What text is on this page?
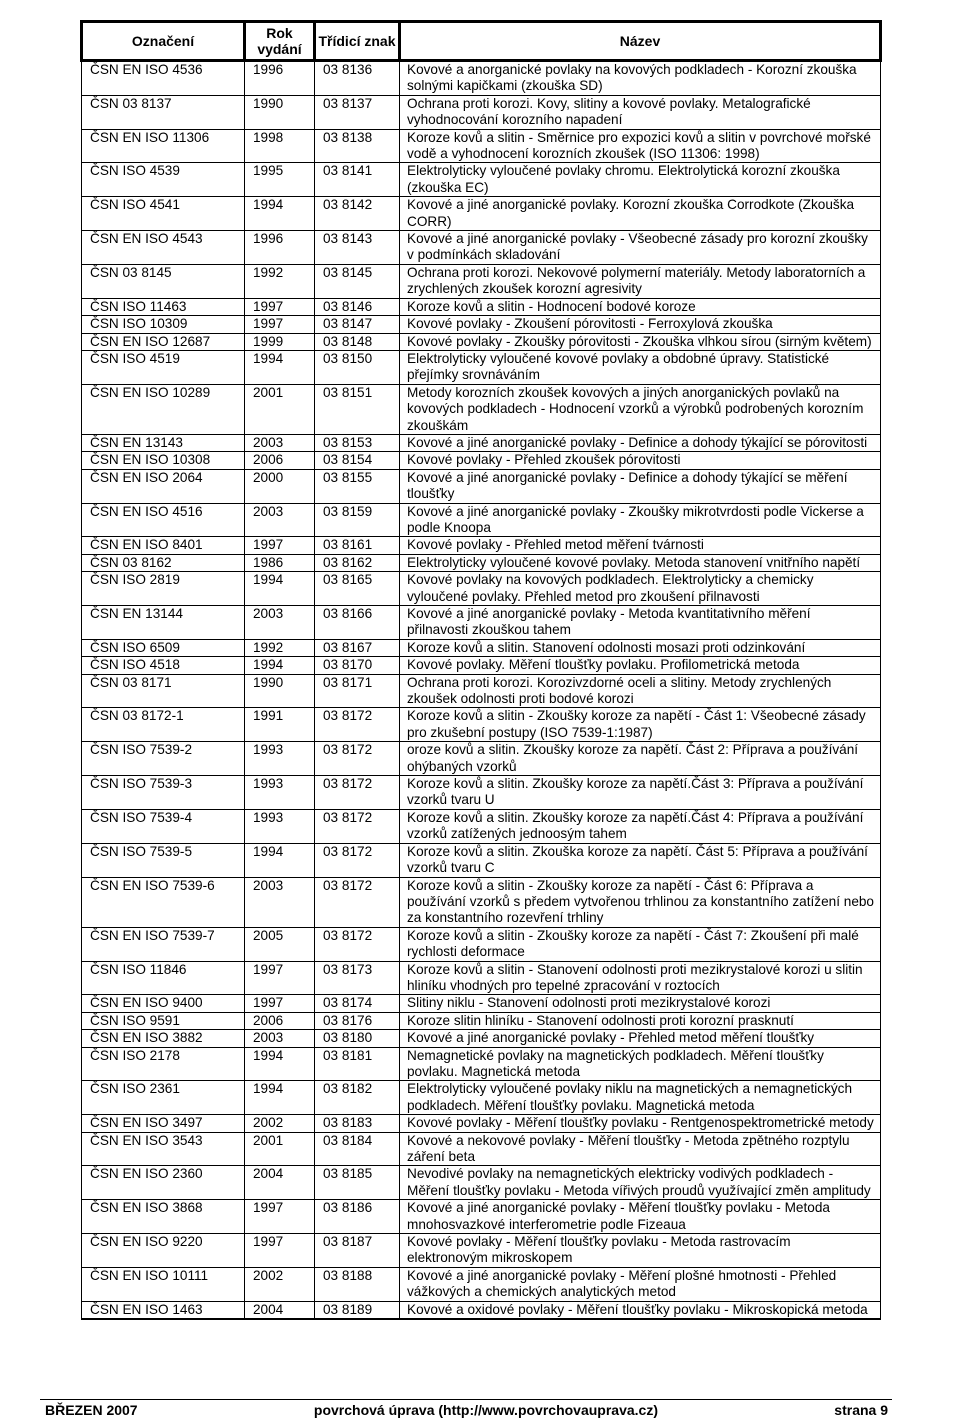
Označení	Rok vydání	Třídicí znak	Název
ČSN EN ISO 4536	1996	03 8136	Kovové a anorganické povlaky na kovových podkladech - Korozní zkouška solnými kapičkami (zkouška SD)
ČSN 03 8137	1990	03 8137	Ochrana proti korozi. Kovy, slitiny a kovové povlaky. Metalografické vyhodnocování korozního napadení
ČSN EN ISO 11306	1998	03 8138	Koroze kovů a slitin - Směrnice pro expozici kovů a slitin v povrchové mořské vodě a vyhodnocení korozních zkoušek (ISO 11306: 1998)
ČSN ISO 4539	1995	03 8141	Elektrolyticky vyloučené povlaky chromu. Elektrolytická korozní zkouška (zkouška EC)
ČSN ISO 4541	1994	03 8142	Kovové a jiné anorganické povlaky. Korozní zkouška Corrodkote (Zkouška CORR)
ČSN EN ISO 4543	1996	03 8143	Kovové a jiné anorganické povlaky - Všeobecné zásady pro korozní zkoušky v podmínkách skladování
ČSN 03 8145	1992	03 8145	Ochrana proti korozi. Nekovové polymerní materiály. Metody laboratorních a zrychlených zkoušek korozní agresivity
ČSN ISO 11463	1997	03 8146	Koroze kovů a slitin - Hodnocení bodové koroze
ČSN ISO 10309	1997	03 8147	Kovové povlaky - Zkoušení pórovitosti - Ferroxylová zkouška
ČSN EN ISO 12687	1999	03 8148	Kovové povlaky - Zkoušky pórovitosti - Zkouška vlhkou sírou (sirným květem)
ČSN ISO 4519	1994	03 8150	Elektrolyticky vyloučené kovové povlaky a obdobné úpravy. Statistické přejímky srovnáváním
ČSN EN ISO 10289	2001	03 8151	Metody korozních zkoušek kovových a jiných anorganických povlaků na kovových podkladech - Hodnocení vzorků a výrobků podrobených korozním zkouškám
ČSN EN 13143	2003	03 8153	Kovové a jiné anorganické povlaky - Definice a dohody týkající se pórovitosti
ČSN EN ISO 10308	2006	03 8154	Kovové povlaky - Přehled zkoušek pórovitosti
ČSN EN ISO 2064	2000	03 8155	Kovové a jiné anorganické povlaky - Definice a dohody týkající se měření tloušťky
ČSN EN ISO 4516	2003	03 8159	Kovové a jiné anorganické povlaky - Zkoušky mikrotvrdosti podle Vickerse a podle Knoopa
ČSN EN ISO 8401	1997	03 8161	Kovové povlaky - Přehled metod měření tvárnosti
ČSN 03 8162	1986	03 8162	Elektrolyticky vyloučené kovové povlaky. Metoda stanovení vnitřního napětí
ČSN ISO 2819	1994	03 8165	Kovové povlaky na kovových podkladech. Elektrolyticky a chemicky vyloučené povlaky. Přehled metod pro zkoušení přilnavosti
ČSN EN 13144	2003	03 8166	Kovové a jiné anorganické povlaky - Metoda kvantitativního měření přilnavosti zkouškou tahem
ČSN ISO 6509	1992	03 8167	Koroze kovů a slitin. Stanovení odolnosti mosazi proti odzinkování
ČSN ISO 4518	1994	03 8170	Kovové povlaky. Měření tloušťky povlaku. Profilometrická metoda
ČSN 03 8171	1990	03 8171	Ochrana proti korozi. Korozivzdorné oceli a slitiny. Metody zrychlených zkoušek odolnosti proti bodové korozi
ČSN 03 8172-1	1991	03 8172	Koroze kovů a slitin - Zkoušky koroze za napětí - Část 1: Všeobecné zásady pro zkušební postupy (ISO 7539-1:1987)
ČSN ISO 7539-2	1993	03 8172	oroze kovů a slitin. Zkoušky koroze za napětí. Část 2: Příprava a používání ohýbaných vzorků
ČSN ISO 7539-3	1993	03 8172	Koroze kovů a slitin. Zkoušky koroze za napětí.Část 3: Příprava a používání vzorků tvaru U
ČSN ISO 7539-4	1993	03 8172	Koroze kovů a slitin. Zkoušky koroze za napětí.Část 4: Příprava a používání vzorků zatížených jednoosým tahem
ČSN ISO 7539-5	1994	03 8172	Koroze kovů a slitin. Zkouška koroze za napětí. Část 5: Příprava a používání vzorků tvaru C
ČSN EN ISO 7539-6	2003	03 8172	Koroze kovů a slitin - Zkoušky koroze za napětí - Část 6: Příprava a používání vzorků s předem vytvořenou trhlinou za konstantního zatížení nebo za konstantního rozevření trhliny
ČSN EN ISO 7539-7	2005	03 8172	Koroze kovů a slitin - Zkoušky koroze za napětí - Část 7: Zkoušení při malé rychlosti deformace
ČSN ISO 11846	1997	03 8173	Koroze kovů a slitin - Stanovení odolnosti proti mezikrystalové korozi u slitin hliníku vhodných pro tepelné zpracování v roztocích
ČSN EN ISO 9400	1997	03 8174	Slitiny niklu - Stanovení odolnosti proti mezikrystalové korozi
ČSN ISO 9591	2006	03 8176	Koroze slitin hliníku - Stanovení odolnosti proti korozní prasknutí
ČSN EN ISO 3882	2003	03 8180	Kovové a jiné anorganické povlaky - Přehled metod měření tloušťky
ČSN ISO 2178	1994	03 8181	Nemagnetické povlaky na magnetických podkladech. Měření tloušťky povlaku. Magnetická metoda
ČSN ISO 2361	1994	03 8182	Elektrolyticky vyloučené povlaky niklu na magnetických a nemagnetických podkladech. Měření tloušťky povlaku. Magnetická metoda
ČSN EN ISO 3497	2002	03 8183	Kovové povlaky - Měření tloušťky povlaku - Rentgenospektrometrické metody
ČSN EN ISO 3543	2001	03 8184	Kovové a nekovové povlaky - Měření tloušťky - Metoda zpětného rozptylu záření beta
ČSN EN ISO 2360	2004	03 8185	Nevodivé povlaky na nemagnetických elektricky vodivých podkladech - Měření tloušťky povlaku - Metoda vířivých proudů využívající změn amplitudy
ČSN EN ISO 3868	1997	03 8186	Kovové a jiné anorganické povlaky - Měření tloušťky povlaku - Metoda mnohosvazkové interferometrie podle Fizeaua
ČSN EN ISO 9220	1997	03 8187	Kovové povlaky - Měření tloušťky povlaku - Metoda rastrovacím elektronovým mikroskopem
ČSN EN ISO 10111	2002	03 8188	Kovové a jiné anorganické povlaky - Měření plošné hmotnosti - Přehled vážkových a chemických analytických metod
ČSN EN ISO 1463	2004	03 8189	Kovové a oxidové povlaky - Měření tloušťky povlaku - Mikroskopická metoda
BŘEZEN 2007	povrchová úprava (http://www.povrchovauprava.cz)	strana 9
